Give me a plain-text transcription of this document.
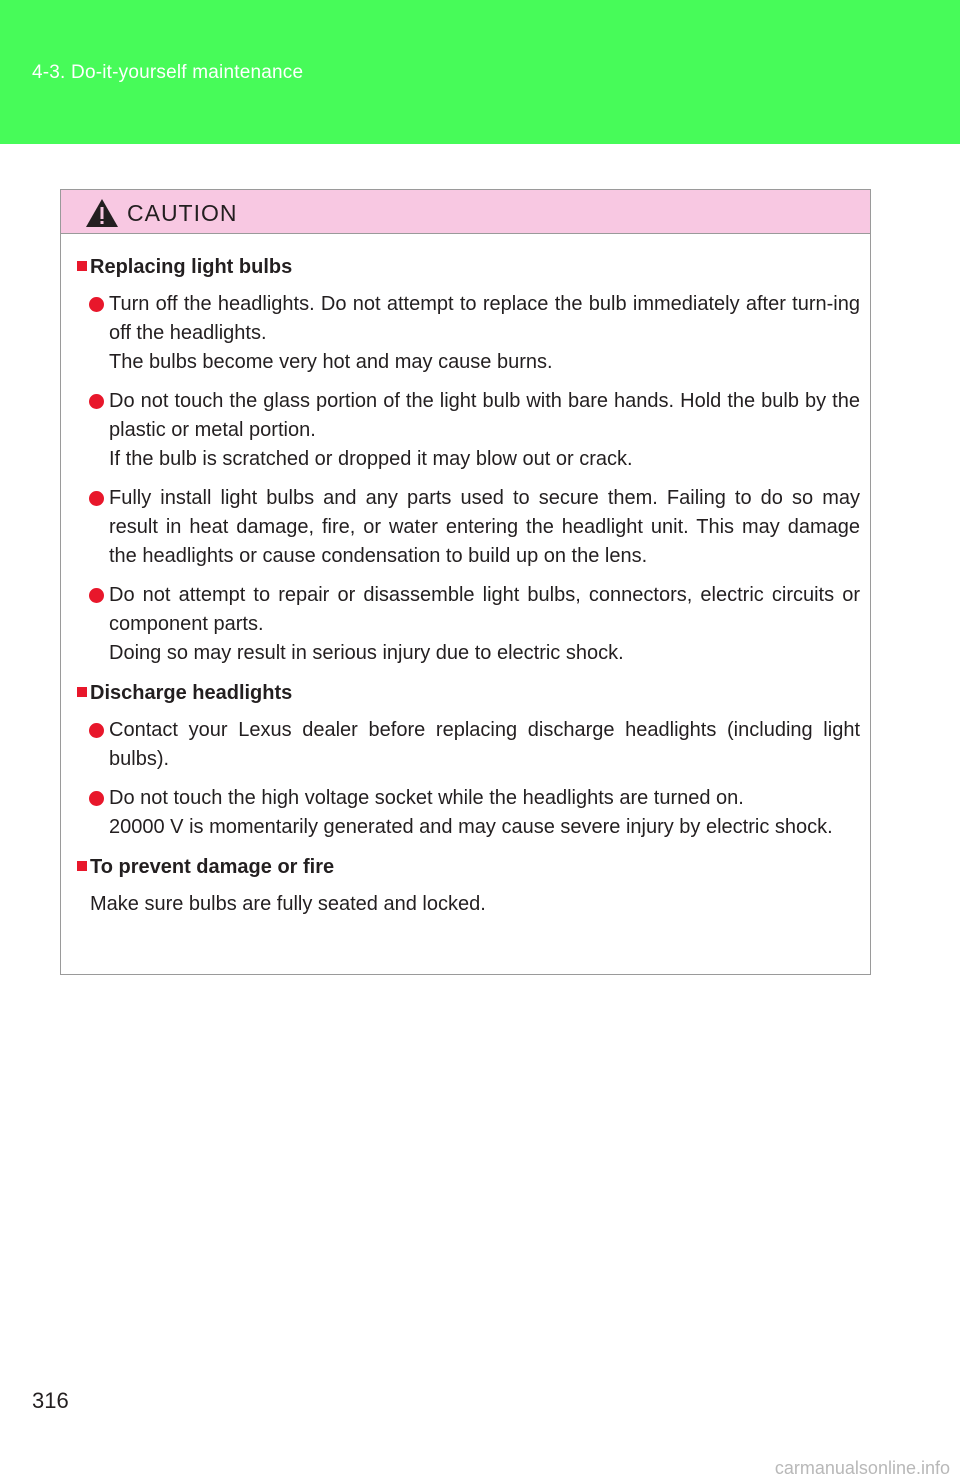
4-3. Do-it-yourself maintenance
CAUTION
Replacing light bulbs

Turn off the headlights. Do not attempt to replace the bulb immediately after turn-ing off the headlights.

The bulbs become very hot and may cause burns.

Do not touch the glass portion of the light bulb with bare hands. Hold the bulb by the plastic or metal portion.

If the bulb is scratched or dropped it may blow out or crack.

Fully install light bulbs and any parts used to secure them. Failing to do so may result in heat damage, fire, or water entering the headlight unit. This may damage the headlights or cause condensation to build up on the lens.

Do not attempt to repair or disassemble light bulbs, connectors, electric circuits or component parts.

Doing so may result in serious injury due to electric shock.

Discharge headlights

Contact your Lexus dealer before replacing discharge headlights (including light bulbs).

Do not touch the high voltage socket while the headlights are turned on.

20000 V is momentarily generated and may cause severe injury by electric shock.

To prevent damage or fire
Make sure bulbs are fully seated and locked.
316
carmanualsonline.info
